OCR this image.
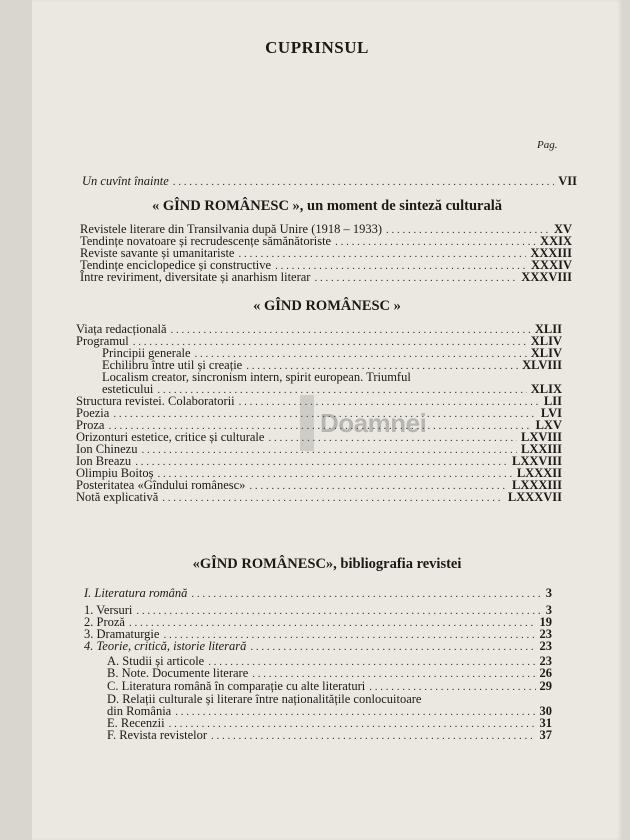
CUPRINSUL
Pag.
Un cuvînt înainte . . .	VII
« GÎND ROMÂNESC », un moment de sinteză culturală
Revistele literare din Transilvania după Unire (1918 – 1933) . . .	XV
Tendințe novatoare și recrudescențe sămănătoriste . . .	XXIX
Reviste savante și umanitariste . . .	XXXIII
Tendințe enciclopedice și constructive . . .	XXXIV
Între reviriment, diversitate și anarhism literar . . .	XXXVIII
« GÎND ROMÂNESC »
Viața redacțională . . .	XLII
Programul . . .	XLIV
Principii generale . . .	XLIV
Echilibru între util și creație . . .	XLVIII
Localism creator, sincronism intern, spirit european. Triumful
esteticului . . .	XLIX
Structura revistei. Colaboratorii . . .	LII
Poezia . . .	LVI
Proza . . .	LXV
Orizonturi estetice, critice și culturale . . .	LXVIII
Ion Chinezu . . .	LXXIII
Ion Breazu . . .	LXXVIII
Olimpiu Boitoș . . .	LXXXII
Posteritatea «Gîndului românesc» . . .	LXXXIII
Notă explicativă . . .	LXXXVII
Doamnei
«GÎND ROMÂNESC», bibliografia revistei
I. Literatura română . . .	3
1. Versuri . . .	3
2. Proză . . .	19
3. Dramaturgie . . .	23
4. Teorie, critică, istorie literară . . .	23
A. Studii și articole . . .	23
B. Note. Documente literare . . .	26
C. Literatura română în comparație cu alte literaturi . . .	29
D. Relații culturale și literare între naționalitățile conlocuitoare
din România . . .	30
E. Recenzii . . .	31
F. Revista revistelor . . .	37
